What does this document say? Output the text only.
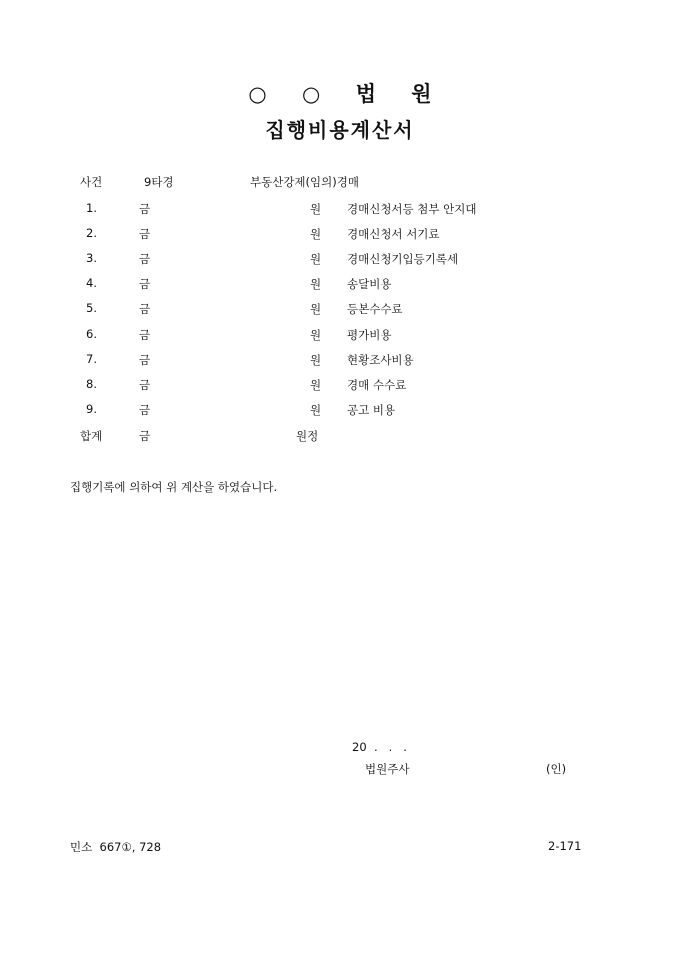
○ ○ 법 원
집행비용계산서
사건	9타경	부동산강제(임의)경매
1.	금	원 경매신청서등 첨부 안지대
2.	금	원 경매신청서 서기료
3.	금	원 경매신청기입등기록세
4.	금	원 송달비용
5.	금	원 등본수수료
6.	금	원 평가비용
7.	금	원 현황조사비용
8.	금	원 경매 수수료
9.	금	원 공고 비용
합계	금	원정
집행기록에 의하여 위 계산을 하였습니다.
20  .   .   .
법원주사	(인)
민소  667①, 728	2-171
